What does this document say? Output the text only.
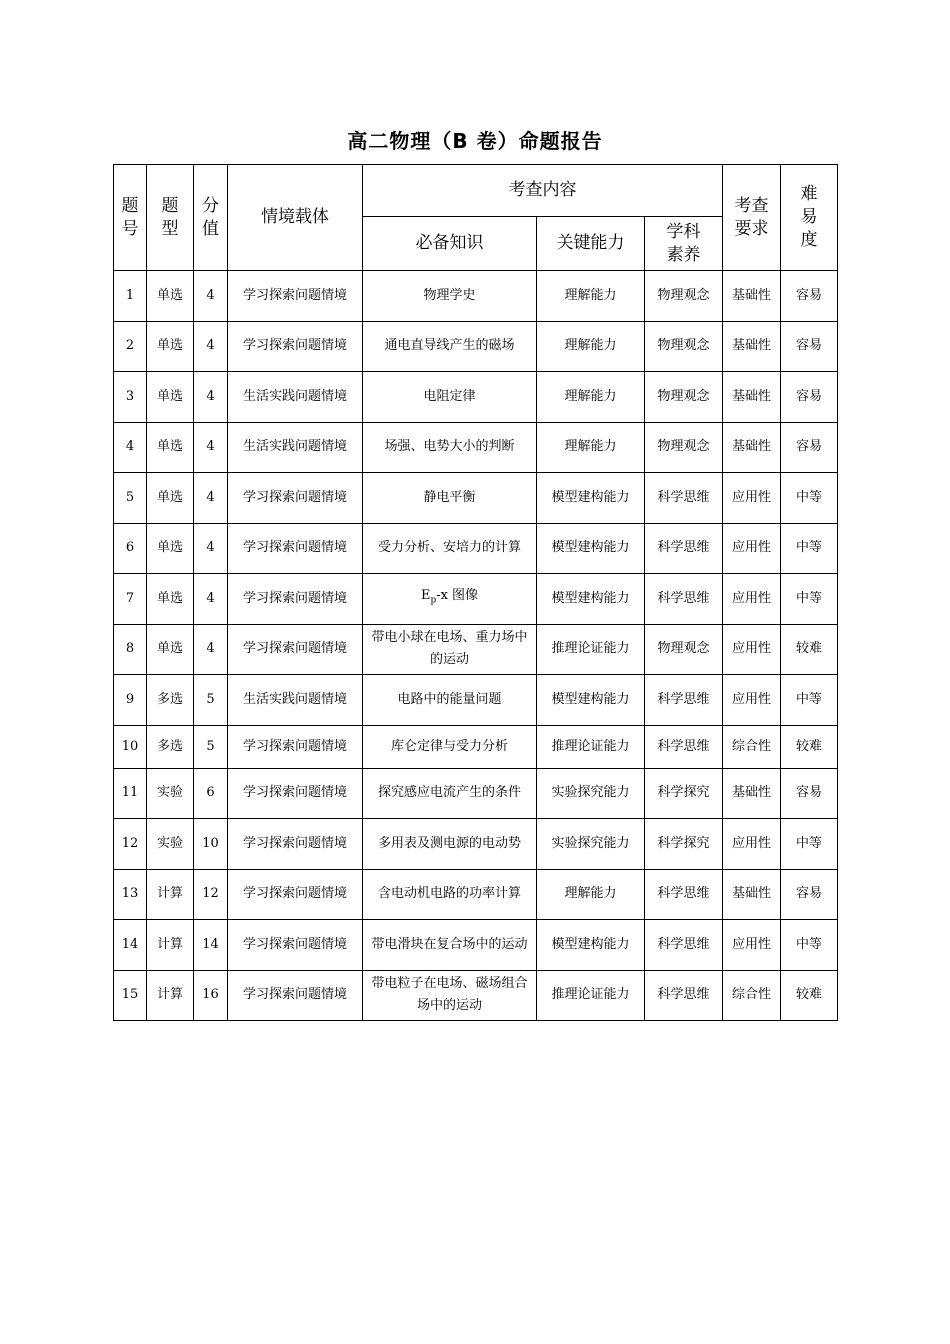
高二物理（B 卷）命题报告
题号	题型	分值	情境载体	考查内容			考查要求	难易度

				必备知识	关键能力	学科素养		

1	单选	4	学习探索问题情境	物理学史	理解能力	物理观念	基础性	容易
2	单选	4	学习探索问题情境	通电直导线产生的磁场	理解能力	物理观念	基础性	容易
3	单选	4	生活实践问题情境	电阻定律	理解能力	物理观念	基础性	容易
4	单选	4	生活实践问题情境	场强、电势大小的判断	理解能力	物理观念	基础性	容易
5	单选	4	学习探索问题情境	静电平衡	模型建构能力	科学思维	应用性	中等
6	单选	4	学习探索问题情境	受力分析、安培力的计算	模型建构能力	科学思维	应用性	中等
7	单选	4	学习探索问题情境	$E_p-x$ 图像	模型建构能力	科学思维	应用性	中等
8	单选	4	学习探索问题情境	带电小球在电场、重力场中的运动	推理论证能力	物理观念	应用性	较难
9	多选	5	生活实践问题情境	电路中的能量问题	模型建构能力	科学思维	应用性	中等
10	多选	5	学习探索问题情境	库仑定律与受力分析	推理论证能力	科学思维	综合性	较难
11	实验	6	学习探索问题情境	探究感应电流产生的条件	实验探究能力	科学探究	基础性	容易
12	实验	10	学习探索问题情境	多用表及测电源的电动势	实验探究能力	科学探究	应用性	中等
13	计算	12	学习探索问题情境	含电动机电路的功率计算	理解能力	科学思维	基础性	容易
14	计算	14	学习探索问题情境	带电滑块在复合场中的运动	模型建构能力	科学思维	应用性	中等
15	计算	16	学习探索问题情境	带电粒子在电场、磁场组合场中的运动	推理论证能力	科学思维	综合性	较难
